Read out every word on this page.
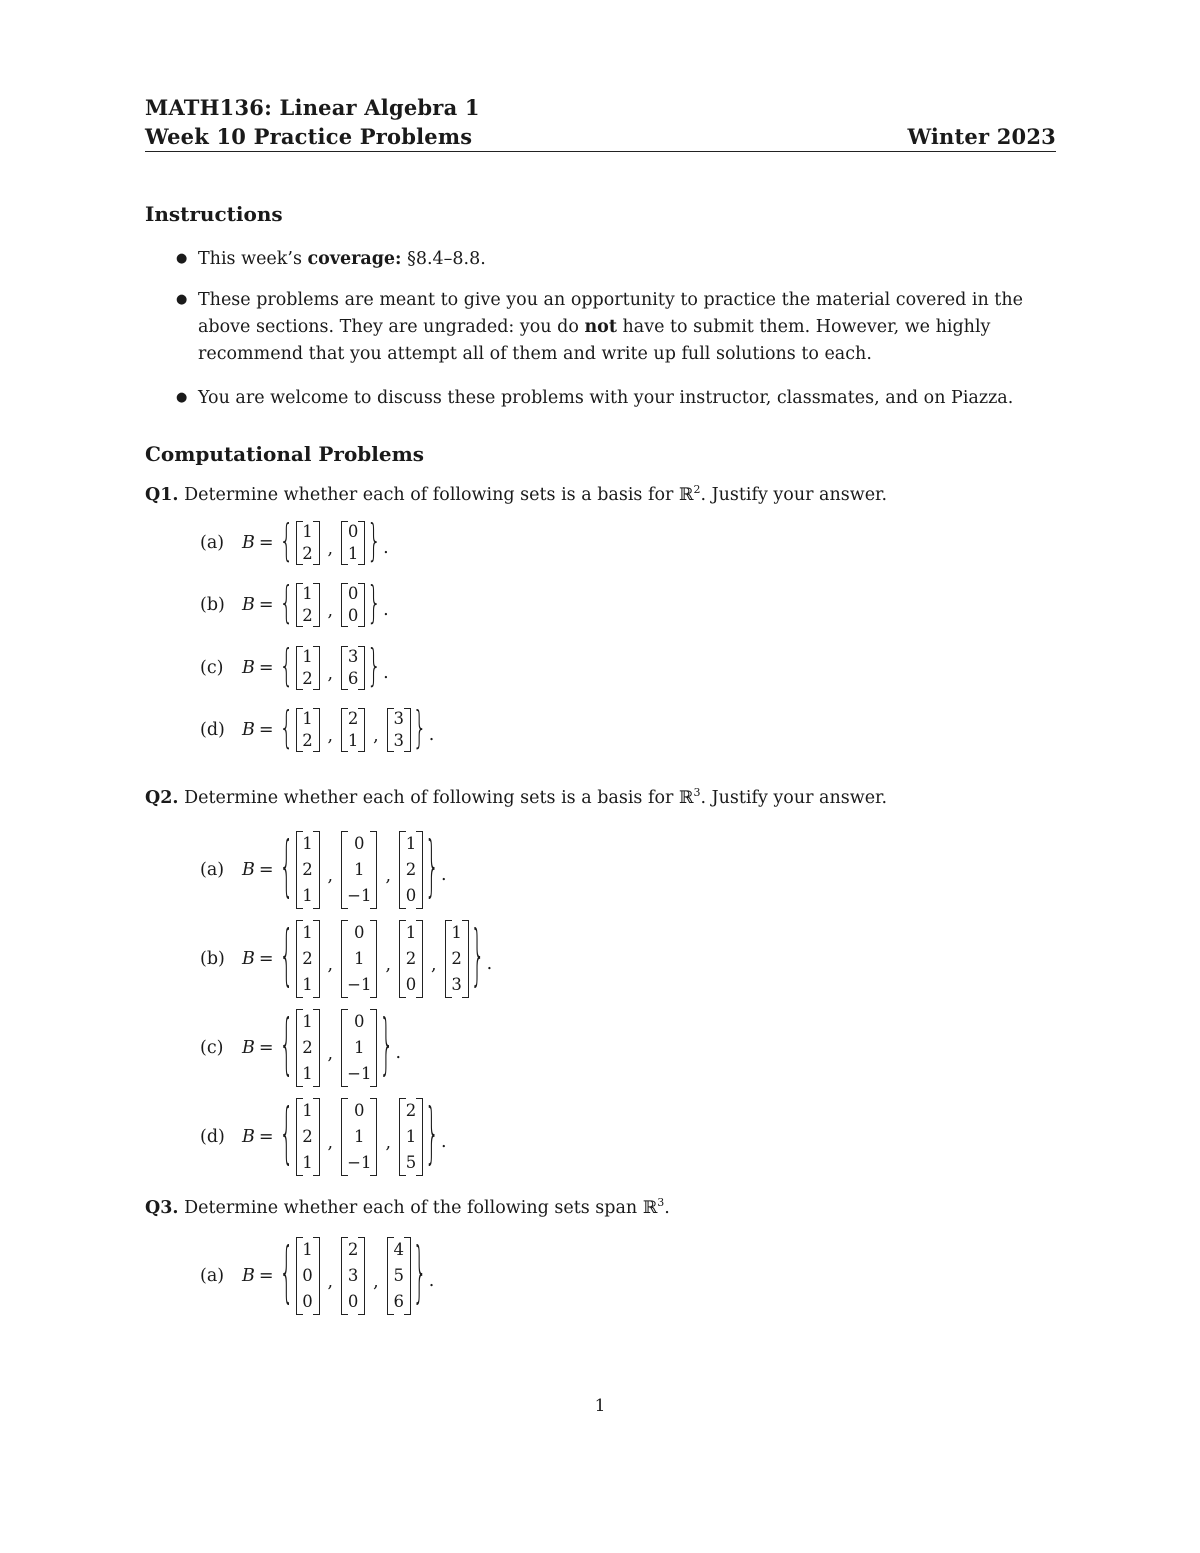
MATH136: Linear Algebra 1
Week 10 Practice Problems	Winter 2023
Instructions
● This week’s coverage: §8.4–8.8.
● These problems are meant to give you an opportunity to practice the material covered in the above sections. They are ungraded: you do not have to submit them. However, we highly recommend that you attempt all of them and write up full solutions to each.
● You are welcome to discuss these problems with your instructor, classmates, and on Piazza.
Computational Problems
Q1. Determine whether each of following sets is a basis for ℝ$^2$. Justify your answer.
(a)	B = { 1
2 ,
0
1 } .
(b) B = { 1
2 ,
0
0 } .
(c)	B = { 1
2 ,
3
6 } .
(d) B = { 1
2 ,
2
1 ,
3
3 } .
Q2. Determine whether each of following sets is a basis for ℝ$^3$. Justify your answer.
(a)	B = { 1
2
1
,
0
1
−1
,
1
2
0 } .
(b) B = { 1
2
1
,
0
1
−1
,
1
2
0
,
1
2
3 } .
(c)	B = { 1
2
1
,
0
1
−1 } .
(d) B = { 1
2
1
,
0
1
−1
,
2
1
5 } .
Q3. Determine whether each of the following sets span ℝ$^3$.
(a)	B = { 1
0
0
,
2
3
0
,
4
5
6 } .
1
